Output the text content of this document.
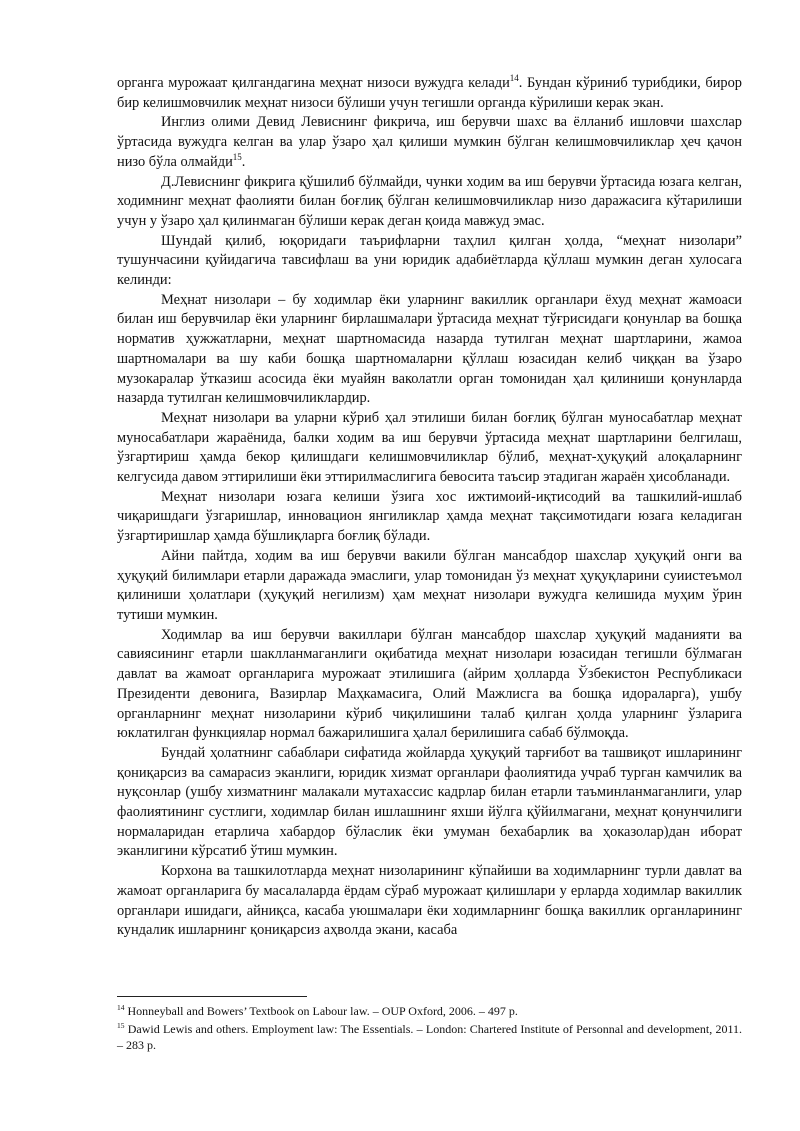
органга мурожаат қилгандагина меҳнат низоси вужудга келади$^{14}$. Бундан кўриниб турибдики, бирор бир келишмовчилик меҳнат низоси бўлиши учун тегишли органда кўрилиши керак экан.

Инглиз олими Девид Левиснинг фикрича, иш берувчи шахс ва ёлланиб ишловчи шахслар ўртасида вужудга келган ва улар ўзаро ҳал қилиши мумкин бўлган келишмовчиликлар ҳеч қачон низо бўла олмайди$^{15}$.

Д.Левиснинг фикрига қўшилиб бўлмайди, чунки ходим ва иш берувчи ўртасида юзага келган, ходимнинг меҳнат фаолияти билан боғлиқ бўлган келишмовчиликлар низо даражасига кўтарилиши учун у ўзаро ҳал қилинмаган бўлиши керак деган қоида мавжуд эмас.

Шундай қилиб, юқоридаги таърифларни таҳлил қилган ҳолда, “меҳнат низолари” тушунчасини қуйидагича тавсифлаш ва уни юридик адабиётларда қўллаш мумкин деган хулосага келинди:

Меҳнат низолари – бу ходимлар ёки уларнинг вакиллик органлари ёхуд меҳнат жамоаси билан иш берувчилар ёки уларнинг бирлашмалари ўртасида меҳнат тўғрисидаги қонунлар ва бошқа норматив ҳужжатларни, меҳнат шартномасида назарда тутилган меҳнат шартларини, жамоа шартномалари ва шу каби бошқа шартномаларни қўллаш юзасидан келиб чиққан ва ўзаро музокаралар ўтказиш асосида ёки муайян ваколатли орган томонидан ҳал қилиниши қонунларда назарда тутилган келишмовчиликлардир.

Меҳнат низолари ва уларни кўриб ҳал этилиши билан боғлиқ бўлган муносабатлар меҳнат муносабатлари жараёнида, балки ходим ва иш берувчи ўртасида меҳнат шартларини белгилаш, ўзгартириш ҳамда бекор қилишдаги келишмовчиликлар бўлиб, меҳнат-ҳуқуқий алоқаларнинг келгусида давом эттирилиши ёки эттирилмаслигига бевосита таъсир этадиган жараён ҳисобланади.

Меҳнат низолари юзага келиши ўзига хос ижтимоий-иқтисодий ва ташкилий-ишлаб чиқаришдаги ўзгаришлар, инновацион янгиликлар ҳамда меҳнат тақсимотидаги юзага келадиган ўзгартиришлар ҳамда бўшлиқларга боғлиқ бўлади.

Айни пайтда, ходим ва иш берувчи вакили бўлган мансабдор шахслар ҳуқуқий онги ва ҳуқуқий билимлари етарли даражада эмаслиги, улар томонидан ўз меҳнат ҳуқуқларини суиистеъмол қилиниши ҳолатлари (ҳуқуқий негилизм) ҳам меҳнат низолари вужудга келишида муҳим ўрин тутиши мумкин.

Ходимлар ва иш берувчи вакиллари бўлган мансабдор шахслар ҳуқуқий маданияти ва савиясининг етарли шаклланмаганлиги оқибатида меҳнат низолари юзасидан тегишли бўлмаган давлат ва жамоат органларига мурожаат этилишига (айрим ҳолларда Ўзбекистон Республикаси Президенти девонига, Вазирлар Маҳкамасига, Олий Мажлисга ва бошқа идораларга), ушбу органларнинг меҳнат низоларини кўриб чиқилишини талаб қилган ҳолда уларнинг ўзларига юклатилган функциялар нормал бажарилишига ҳалал берилишига сабаб бўлмоқда.

Бундай ҳолатнинг сабаблари сифатида жойларда ҳуқуқий тарғибот ва ташвиқот ишларининг қониқарсиз ва самарасиз эканлиги, юридик хизмат органлари фаолиятида учраб турган камчилик ва нуқсонлар (ушбу хизматнинг малакали мутахассис кадрлар билан етарли таъминланмаганлиги, улар фаолиятининг сустлиги, ходимлар билан ишлашнинг яхши йўлга қўйилмагани, меҳнат қонунчилиги нормаларидан етарлича хабардор бўласлик ёки умуман бехабарлик ва ҳоказолар)дан иборат эканлигини кўрсатиб ўтиш мумкин.

Корхона ва ташкилотларда меҳнат низоларининг кўпайиши ва ходимларнинг турли давлат ва жамоат органларига бу масалаларда ёрдам сўраб мурожаат қилишлари у ерларда ходимлар вакиллик органлари ишидаги, айниқса, касаба уюшмалари ёки ходимларнинг бошқа вакиллик органларининг кундалик ишларнинг қониқарсиз аҳволда экани, касаба

$^{14}$ Honneyball and Bowers’ Textbook on Labour law. – OUP Oxford, 2006. – 497 p.

$^{15}$ Dawid Lewis and others. Employment law: The Essentials. – London: Chartered Institute of Personnal and development, 2011. – 283 p.
